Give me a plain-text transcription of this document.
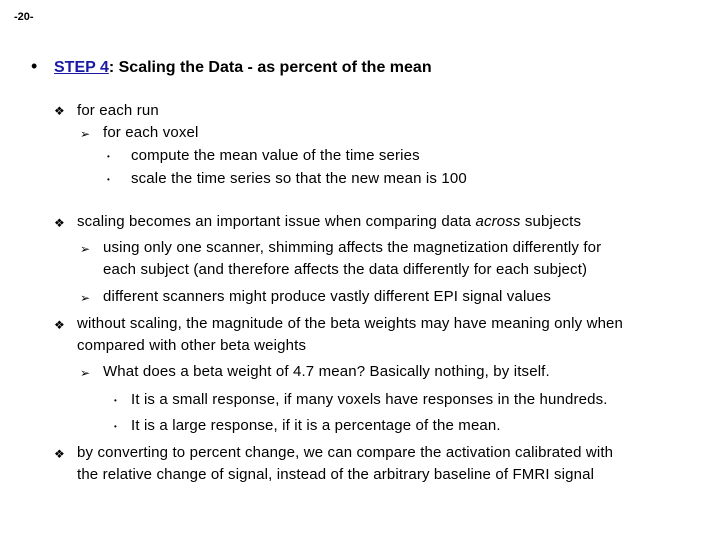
-20-
• STEP 4: Scaling the Data - as percent of the mean
❖ for each run
➢ for each voxel
• compute the mean value of the time series
• scale the time series so that the new mean is 100
❖ scaling becomes an important issue when comparing data across subjects
➢ using only one scanner, shimming affects the magnetization differently for
each subject (and therefore affects the data differently for each subject)
➢ different scanners might produce vastly different EPI signal values
❖ without scaling, the magnitude of the beta weights may have meaning only when
compared with other beta weights
➢ What does a beta weight of 4.7 mean? Basically nothing, by itself.
• It is a small response, if many voxels have responses in the hundreds.
• It is a large response, if it is a percentage of the mean.
❖ by converting to percent change, we can compare the activation calibrated with
the relative change of signal, instead of the arbitrary baseline of FMRI signal
